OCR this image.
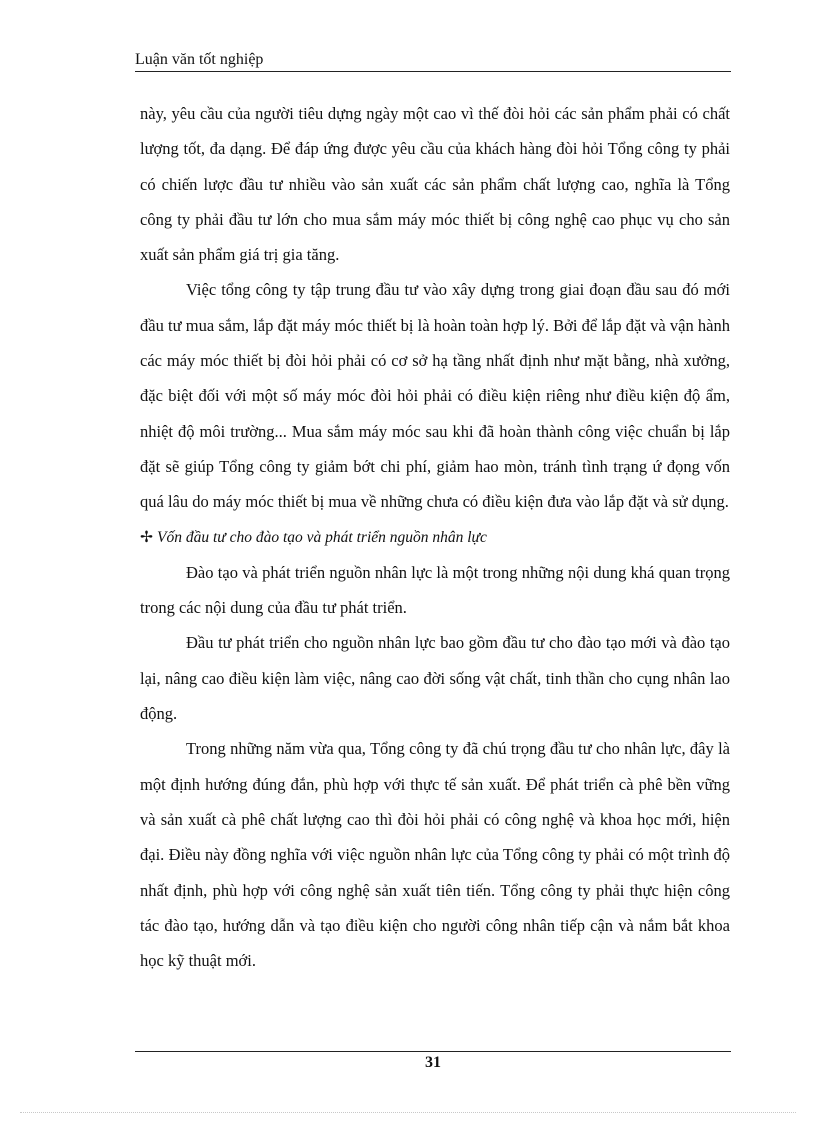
Luận văn tốt nghiệp

này, yêu cầu của người tiêu dựng ngày một cao vì thế đòi hỏi các sản phẩm phải có chất lượng tốt, đa dạng. Để đáp ứng được yêu cầu của khách hàng đòi hỏi Tổng công ty phải có chiến lược đầu tư nhiều vào sản xuất các sản phẩm chất lượng cao, nghĩa là Tổng công ty phải đầu tư lớn cho mua sắm máy móc thiết bị công nghệ cao phục vụ cho sản xuất sản phẩm giá trị gia tăng.

Việc tổng công ty tập trung đầu tư vào xây dựng trong giai đoạn đầu sau đó mới đầu tư mua sắm, lắp đặt máy móc thiết bị là hoàn toàn hợp lý. Bởi để lắp đặt và vận hành các máy móc thiết bị đòi hỏi phải có cơ sở hạ tầng nhất định như mặt bằng, nhà xưởng, đặc biệt đối với một số máy móc đòi hỏi phải có điều kiện riêng như điều kiện độ ẩm, nhiệt độ môi trường... Mua sắm máy móc sau khi đã hoàn thành công việc chuẩn bị lắp đặt sẽ giúp Tổng công ty giảm bớt chi phí, giảm hao mòn, tránh tình trạng ứ đọng vốn quá lâu do máy móc thiết bị mua về những chưa có điều kiện đưa vào lắp đặt và sử dụng.

✢ Vốn đầu tư cho đào tạo và phát triển nguồn nhân lực

Đào tạo và phát triển nguồn nhân lực là một trong những nội dung khá quan trọng trong các nội dung của đầu tư phát triển.

Đầu tư phát triển cho nguồn nhân lực bao gồm đầu tư cho đào tạo mới và đào tạo lại, nâng cao điều kiện làm việc, nâng cao đời sống vật chất, tinh thần cho cụng nhân lao động.

Trong những năm vừa qua, Tổng công ty đã chú trọng đầu tư cho nhân lực, đây là một định hướng đúng đắn, phù hợp với thực tế sản xuất. Để phát triển cà phê bền vững và sản xuất cà phê chất lượng cao thì đòi hỏi phải có công nghệ và khoa học mới, hiện đại. Điều này đồng nghĩa với việc nguồn nhân lực của Tổng công ty phải có một trình độ nhất định, phù hợp với công nghệ sản xuất tiên tiến. Tổng công ty phải thực hiện công tác đào tạo, hướng dẫn và tạo điều kiện cho người công nhân tiếp cận và nắm bắt khoa học kỹ thuật mới.

31
